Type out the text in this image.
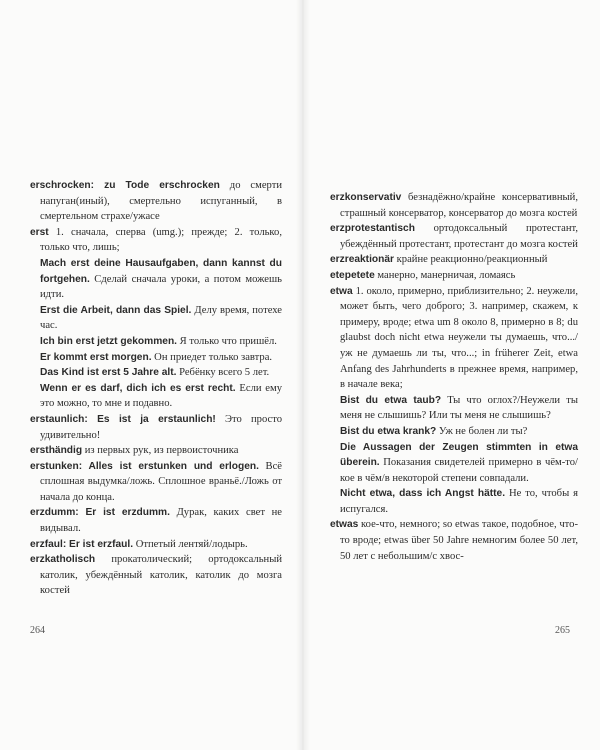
erschrocken: zu Tode erschrocken до смерти напуган(иный), смертельно испуганный, в смертельном страхе/ужасе

erst 1. сначала, сперва (umg.); прежде; 2. только, только что, лишь;

Mach erst deine Hausaufgaben, dann kannst du fortgehen. Сделай сначала уроки, а потом можешь идти.

Erst die Arbeit, dann das Spiel. Делу время, потехе час.

Ich bin erst jetzt gekommen. Я только что пришёл.

Er kommt erst morgen. Он приедет только завтра.

Das Kind ist erst 5 Jahre alt. Ребёнку всего 5 лет.

Wenn er es darf, dich ich es erst recht. Если ему это можно, то мне и подавно.

erstaunlich: Es ist ja erstaunlich! Это просто удивительно!

ersthändig из первых рук, из первоисточника

erstunken: Alles ist erstunken und erlogen. Всё сплошная выдумка/ложь. Сплошное враньё./Ложь от начала до конца.

erzdumm: Er ist erzdumm. Дурак, каких свет не видывал.

erzfaul: Er ist erzfaul. Отпетый лентяй/лодырь.

erzkatholisch прокатолический; ортодоксальный католик, убеждённый католик, католик до мозга костей

264

erzkonservativ безнадёжно/крайне консервативный, страшный консерватор, консерватор до мозга костей

erzprotestantisch ортодоксальный протестант, убеждённый протестант, протестант до мозга костей

erzreaktionär крайне реакционно/реакционный

etepetete манерно, манерничая, ломаясь

etwa 1. около, примерно, приблизительно; 2. неужели, может быть, чего доброго; 3. например, скажем, к примеру, вроде; etwa um 8 около 8, примерно в 8; du glaubst doch nicht etwa неужели ты думаешь, что.../уж не думаешь ли ты, что...; in früherer Zeit, etwa Anfang des Jahrhunderts в прежнее время, например, в начале века;

Bist du etwa taub? Ты что оглох?/Неужели ты меня не слышишь? Или ты меня не слышишь?

Bist du etwa krank? Уж не болен ли ты?

Die Aussagen der Zeugen stimmten in etwa überein. Показания свидетелей примерно в чём-то/кое в чём/в некоторой степени совпадали.

Nicht etwa, dass ich Angst hätte. Не то, чтобы я испугался.

etwas кое-что, немного; so etwas такое, подобное, что-то вроде; etwas über 50 Jahre немногим более 50 лет, 50 лет с небольшим/с хвос-

265
